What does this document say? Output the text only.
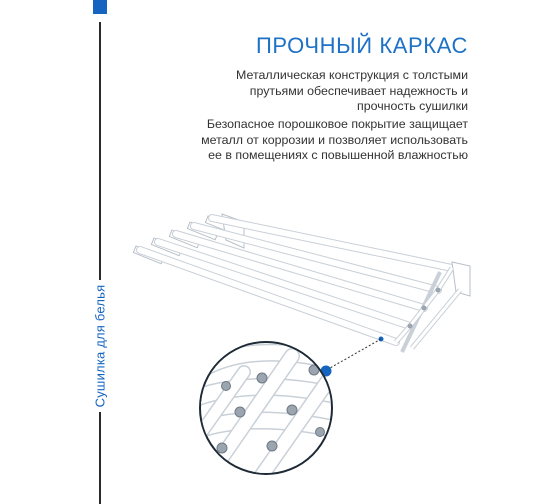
Сушилка для белья
ПРОЧНЫЙ КАРКАС

Металлическая конструкция с толстыми прутьями обеспечивает надежность и прочность сушилки

Безопасное порошковое покрытие защищает металл от коррозии и позволяет использовать ее в помещениях с повышенной влажностью
